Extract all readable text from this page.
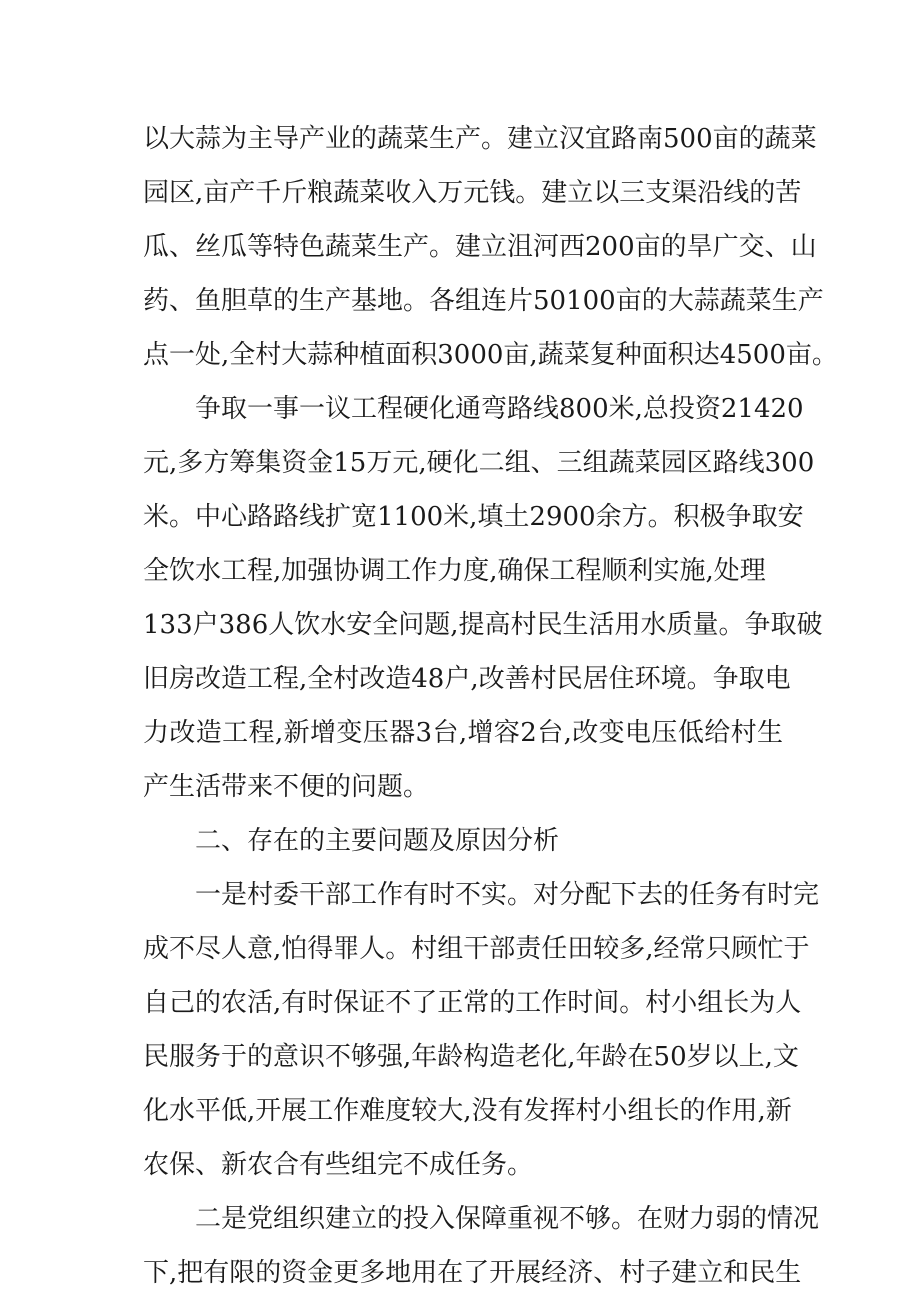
以大蒜为主导产业的蔬菜生产。建立汉宜路南500亩的蔬菜
园区,亩产千斤粮蔬菜收入万元钱。建立以三支渠沿线的苦
瓜、丝瓜等特色蔬菜生产。建立沮河西200亩的旱广交、山
药、鱼胆草的生产基地。各组连片50100亩的大蒜蔬菜生产
点一处,全村大蒜种植面积3000亩,蔬菜复种面积达4500亩。
争取一事一议工程硬化通弯路线800米,总投资21420
元,多方筹集资金15万元,硬化二组、三组蔬菜园区路线300
米。中心路路线扩宽1100米,填土2900余方。积极争取安
全饮水工程,加强协调工作力度,确保工程顺利实施,处理
133户386人饮水安全问题,提高村民生活用水质量。争取破
旧房改造工程,全村改造48户,改善村民居住环境。争取电
力改造工程,新增变压器3台,增容2台,改变电压低给村生
产生活带来不便的问题。
二、存在的主要问题及原因分析
一是村委干部工作有时不实。对分配下去的任务有时完
成不尽人意,怕得罪人。村组干部责任田较多,经常只顾忙于
自己的农活,有时保证不了正常的工作时间。村小组长为人
民服务于的意识不够强,年龄构造老化,年龄在50岁以上,文
化水平低,开展工作难度较大,没有发挥村小组长的作用,新
农保、新农合有些组完不成任务。
二是党组织建立的投入保障重视不够。在财力弱的情况
下,把有限的资金更多地用在了开展经济、村子建立和民生
